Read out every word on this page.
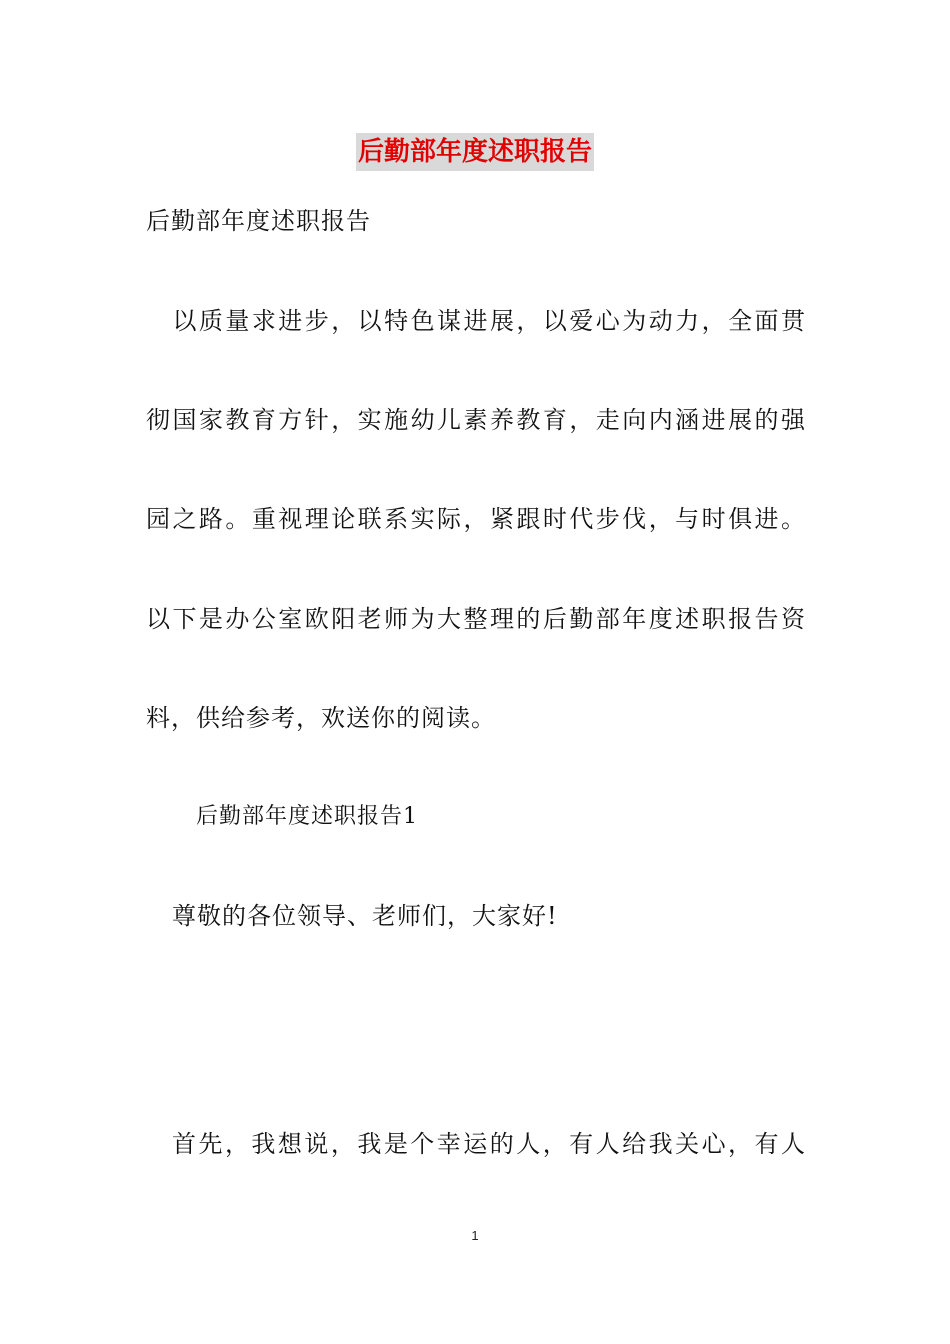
后勤部年度述职报告

后勤部年度述职报告

　以质量求进步，以特色谋进展，以爱心为动力，全面贯

彻国家教育方针，实施幼儿素养教育，走向内涵进展的强

园之路。重视理论联系实际，紧跟时代步伐，与时俱进。

以下是办公室欧阳老师为大整理的后勤部年度述职报告资

料，供给参考，欢送你的阅读。

后勤部年度述职报告1

尊敬的各位领导、老师们，大家好!

首先，我想说，我是个幸运的人，有人给我关心，有人

1
